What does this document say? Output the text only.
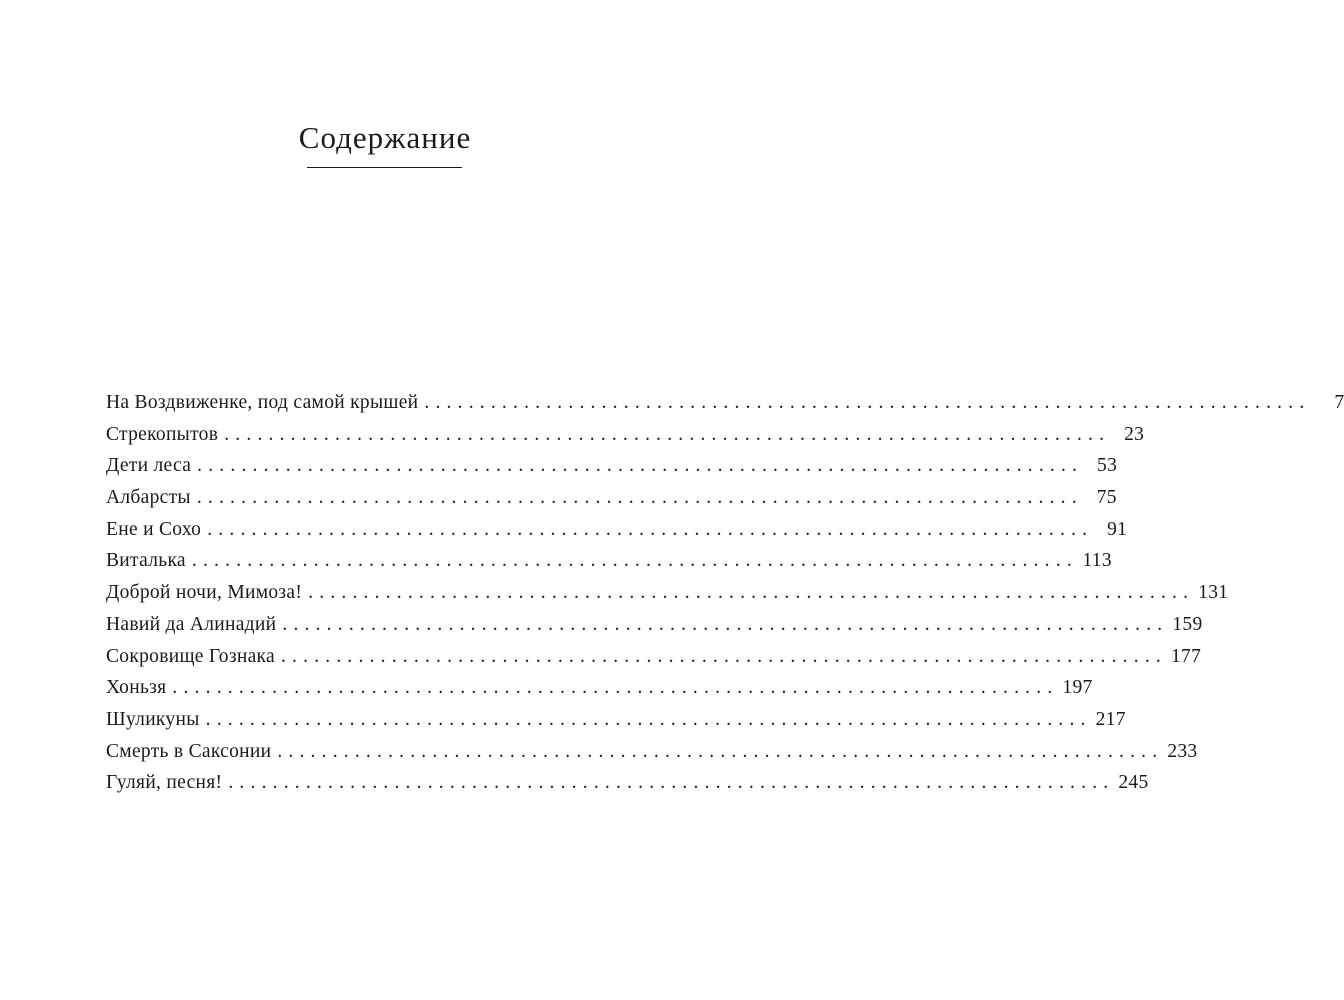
Содержание
На Воздвиженке, под самой крышей ................................................................................	7
Стрекопытов ................................................................................ 23
Дети леса ................................................................................ 53
Албарсты ................................................................................ 75
Ене и Сохо ................................................................................ 91
Виталька ................................................................................ 113
Доброй ночи, Мимоза! ................................................................................ 131
Навий да Алинадий ................................................................................ 159
Сокровище Гознака ................................................................................ 177
Хоньзя ................................................................................ 197
Шуликуны ................................................................................ 217
Смерть в Саксонии ................................................................................ 233
Гуляй, песня! ................................................................................ 245
